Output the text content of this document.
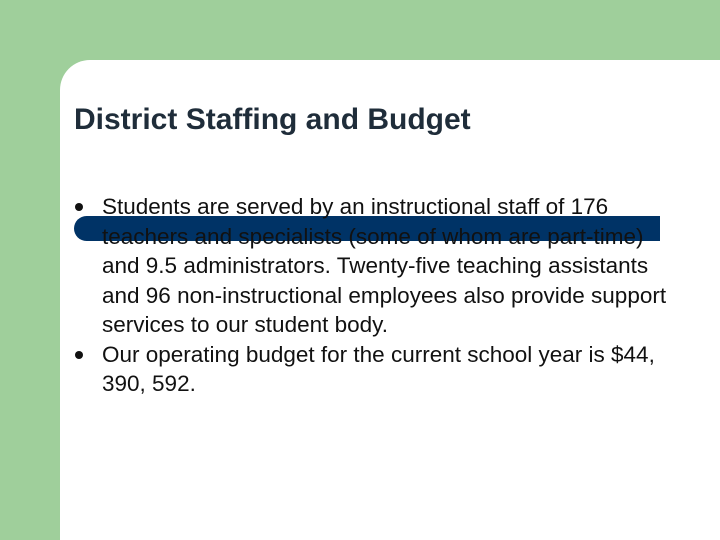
District Staffing and Budget
Students are served by an instructional staff of 176 teachers and specialists (some of whom are part-time) and 9.5 administrators. Twenty-five teaching assistants and 96 non-instructional employees also provide support services to our student body.
Our operating budget for the current school year is $44, 390, 592.
